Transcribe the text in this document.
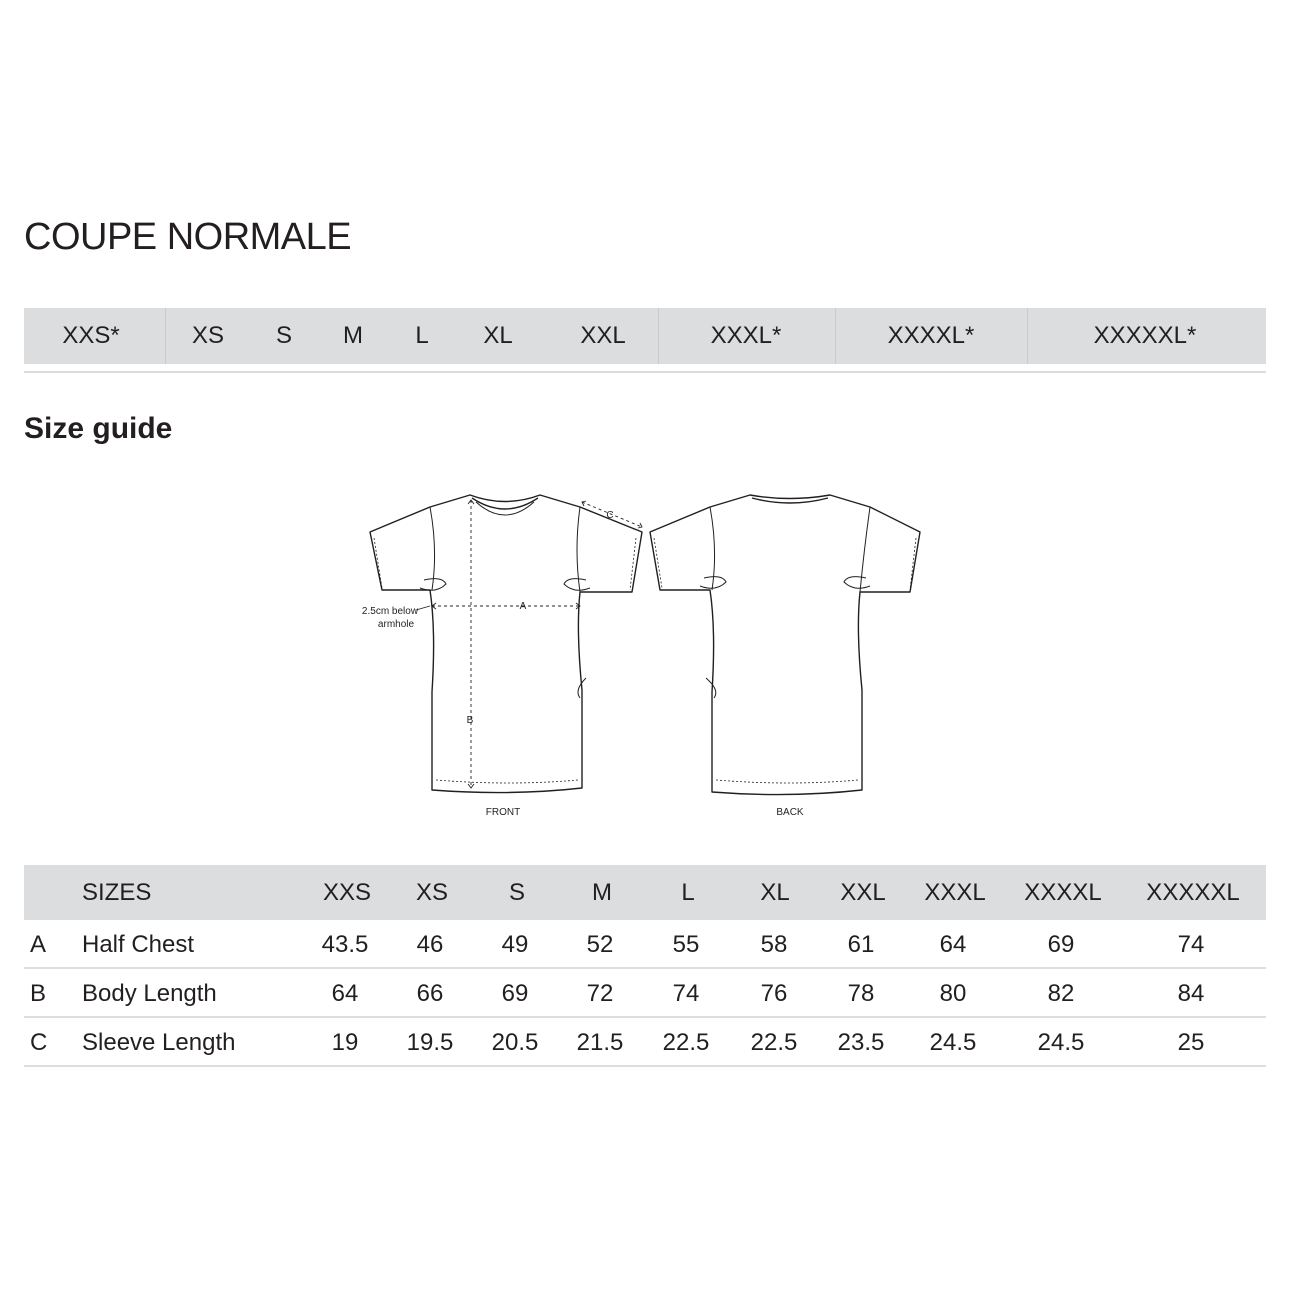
COUPE NORMALE
XXS*	XS S M L XL	XXL	XXXL*	XXXXL*	XXXXXL*
Size guide
A
B
C
2.5cm below
armhole
FRONT	BACK
SIZES	XXS XS	S	M	L	XL XXL XXXL XXXXL XXXXXL
A Half Chest	43.5 46 49 52 55	58	61	64	69	74
B Body Length	64 66 69 72 74	76	78	80	82	84
C Sleeve Length	19 19.5 20.5 21.5 22.5 22.5 23.5 24.5	24.5	25
